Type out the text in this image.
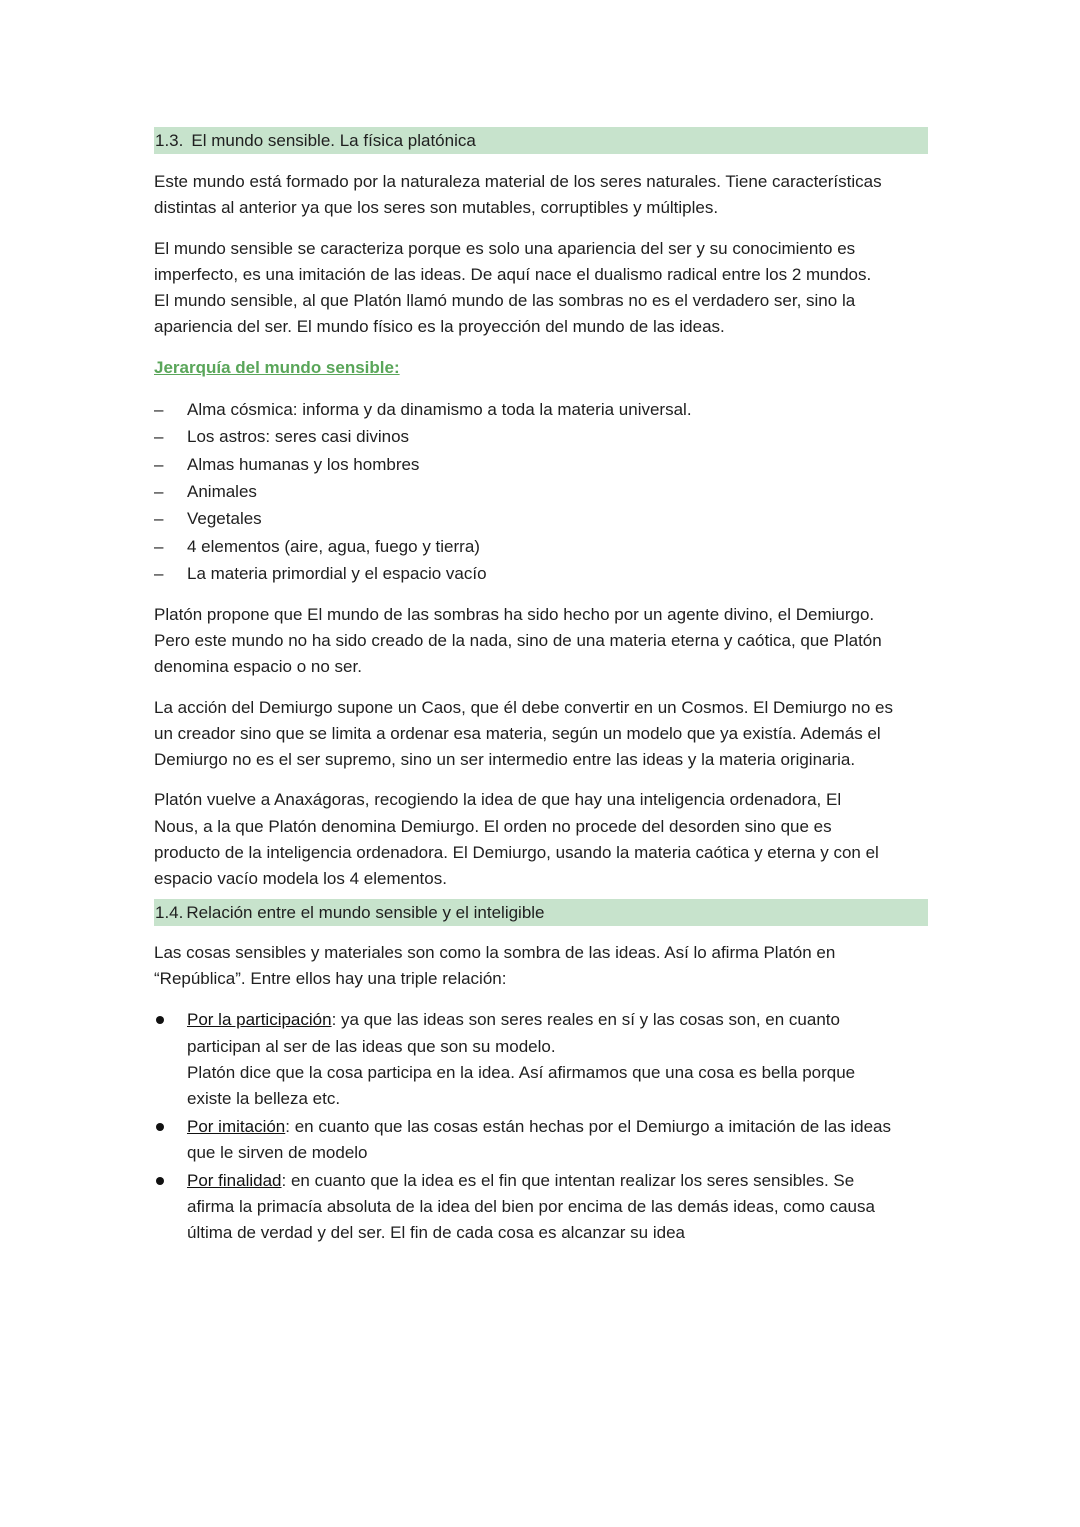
1.3. El mundo sensible. La física platónica

Este mundo está formado por la naturaleza material de los seres naturales. Tiene características
distintas al anterior ya que los seres son mutables, corruptibles y múltiples.

El mundo sensible se caracteriza porque es solo una apariencia del ser y su conocimiento es
imperfecto, es una imitación de las ideas. De aquí nace el dualismo radical entre los 2 mundos.
El mundo sensible, al que Platón llamó mundo de las sombras no es el verdadero ser, sino la
apariencia del ser. El mundo físico es la proyección del mundo de las ideas.

Jerarquía del mundo sensible:
– Alma cósmica: informa y da dinamismo a toda la materia universal.
– Los astros: seres casi divinos
– Almas humanas y los hombres
– Animales
– Vegetales
– 4 elementos (aire, agua, fuego y tierra)
– La materia primordial y el espacio vacío

Platón propone que El mundo de las sombras ha sido hecho por un agente divino, el Demiurgo.
Pero este mundo no ha sido creado de la nada, sino de una materia eterna y caótica, que Platón
denomina espacio o no ser.

La acción del Demiurgo supone un Caos, que él debe convertir en un Cosmos. El Demiurgo no es
un creador sino que se limita a ordenar esa materia, según un modelo que ya existía. Además el
Demiurgo no es el ser supremo, sino un ser intermedio entre las ideas y la materia originaria.

Platón vuelve a Anaxágoras, recogiendo la idea de que hay una inteligencia ordenadora, El
Nous, a la que Platón denomina Demiurgo. El orden no procede del desorden sino que es
producto de la inteligencia ordenadora. El Demiurgo, usando la materia caótica y eterna y con el
espacio vacío modela los 4 elementos.

1.4. Relación entre el mundo sensible y el inteligible

Las cosas sensibles y materiales son como la sombra de las ideas. Así lo afirma Platón en
“República”. Entre ellos hay una triple relación:

Por la participación: ya que las ideas son seres reales en sí y las cosas son, en cuanto
participan al ser de las ideas que son su modelo.
Platón dice que la cosa participa en la idea. Así afirmamos que una cosa es bella porque
existe la belleza etc.
Por imitación: en cuanto que las cosas están hechas por el Demiurgo a imitación de las ideas
que le sirven de modelo
Por finalidad: en cuanto que la idea es el fin que intentan realizar los seres sensibles. Se
afirma la primacía absoluta de la idea del bien por encima de las demás ideas, como causa
última de verdad y del ser. El fin de cada cosa es alcanzar su idea
